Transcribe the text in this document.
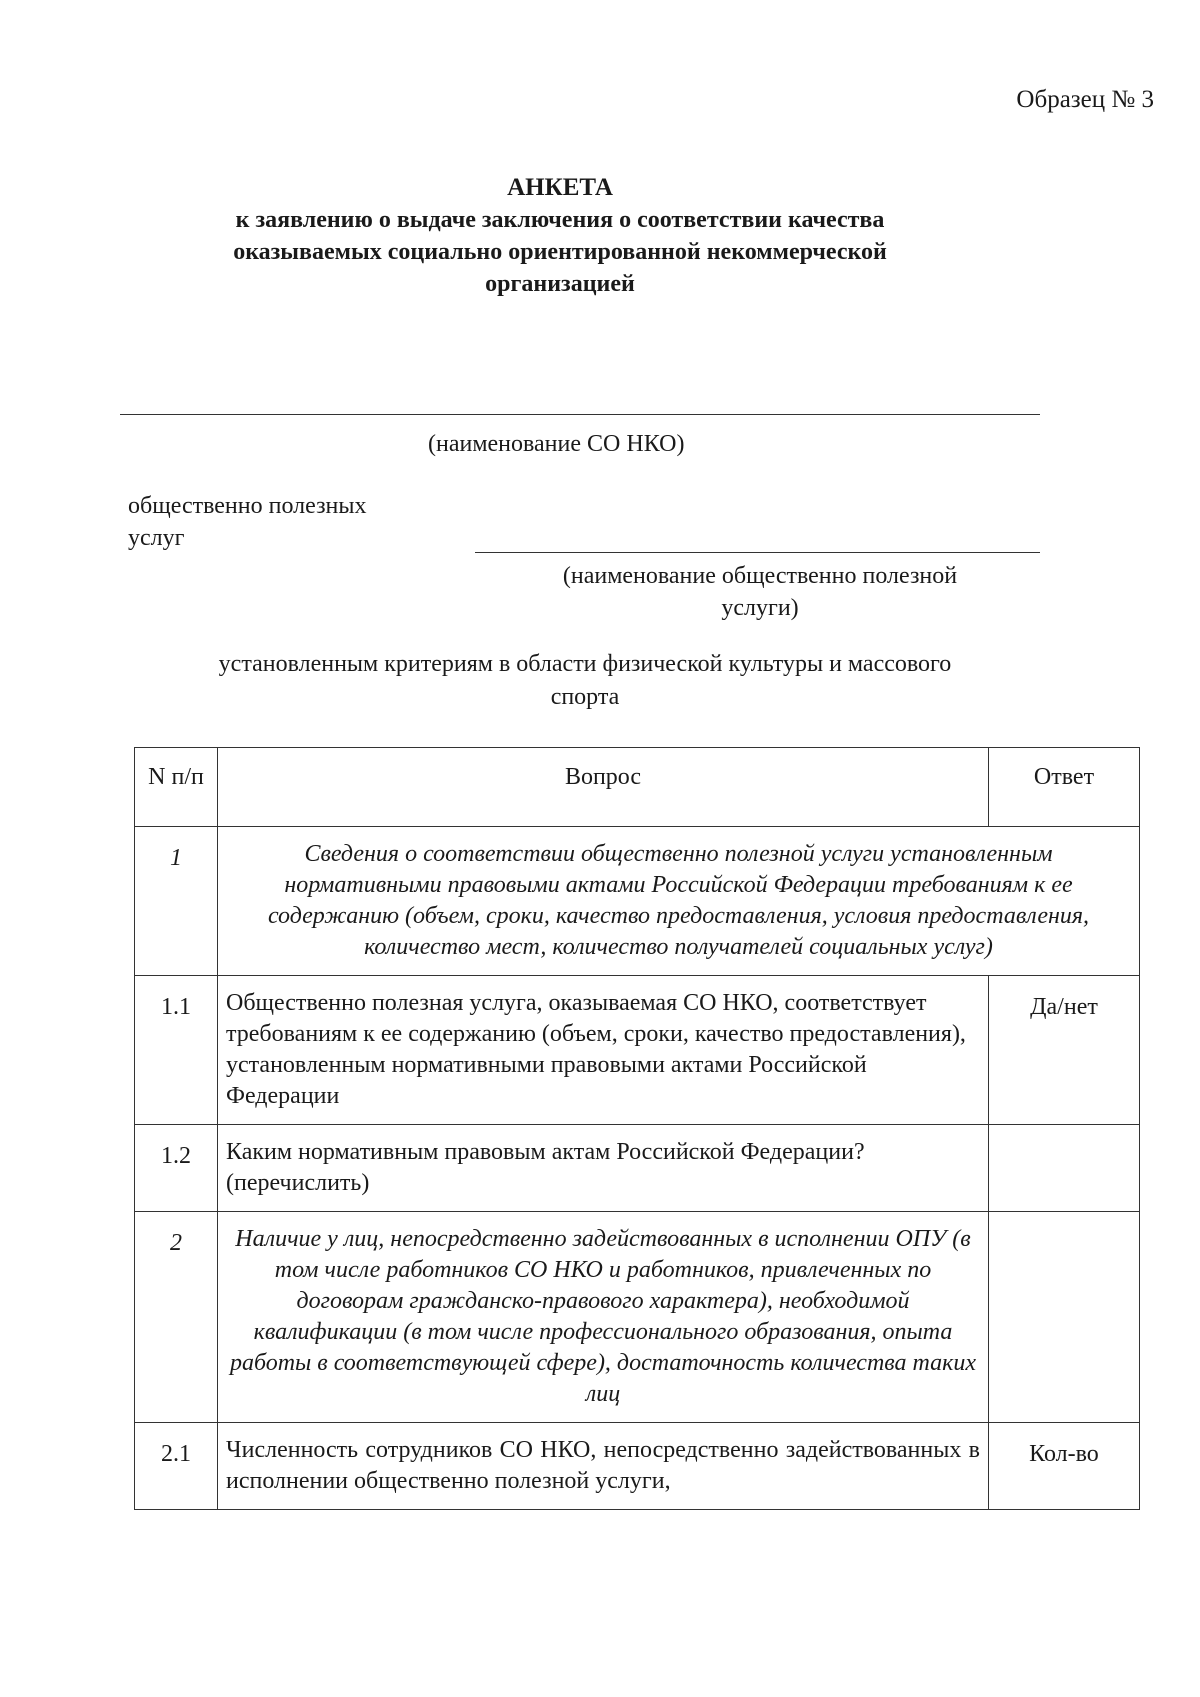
Образец № 3
АНКЕТА
к заявлению о выдаче заключения о соответствии качества
оказываемых социально ориентированной некоммерческой
организацией
(наименование СО НКО)
общественно полезных
услуг
(наименование общественно полезной
услуги)
установленным критериям в области физической культуры и массового
спорта
N п/п	Вопрос	Ответ
1	Сведения о соответствии общественно полезной услуги установленным нормативными правовыми актами Российской Федерации требованиям к ее содержанию (объем, сроки, качество предоставления, условия предоставления, количество мест, количество получателей социальных услуг)	
1.1	Общественно полезная услуга, оказываемая СО НКО, соответствует требованиям к ее содержанию (объем, сроки, качество предоставления), установленным нормативными правовыми актами Российской Федерации	Да/нет
1.2	Каким нормативным правовым актам Российской Федерации? (перечислить)	
2	Наличие у лиц, непосредственно задействованных в исполнении ОПУ (в том числе работников СО НКО и работников, привлеченных по договорам гражданско-правового характера), необходимой квалификации (в том числе профессионального образования, опыта работы в соответствующей сфере), достаточность количества таких лиц	
2.1	Численность сотрудников СО НКО, непосредственно задействованных в исполнении общественно полезной услуги,	Кол-во
